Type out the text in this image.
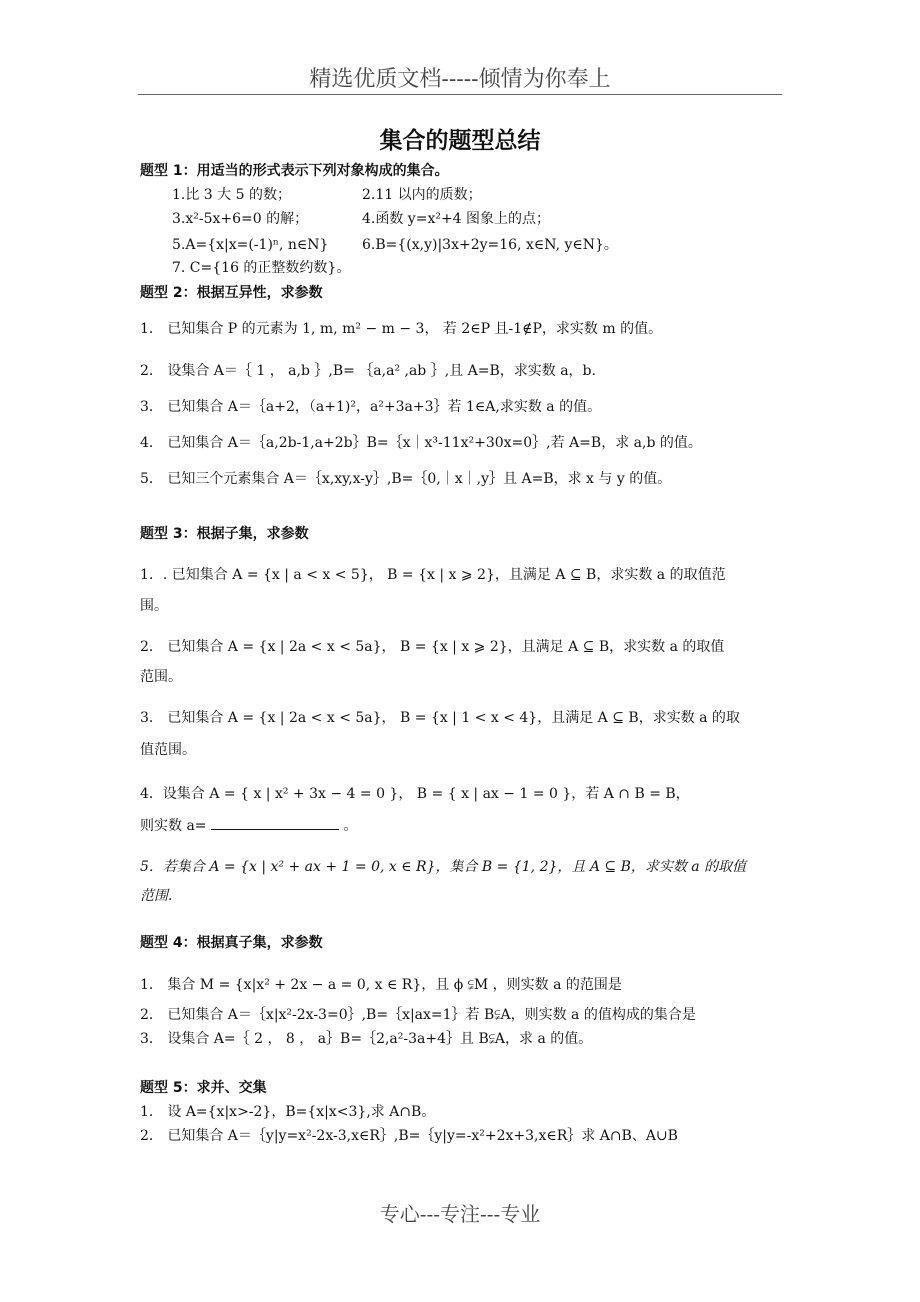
精选优质文档-----倾情为你奉上
集合的题型总结
题型 1：用适当的形式表示下列对象构成的集合。
1.比 3 大 5 的数；	2.11 以内的质数；
3.x²-5x+6=0 的解；	4.函数 y=x²+4 图象上的点；
5.A={x|x=(-1)ⁿ, n∈N} 6.B={(x,y)|3x+2y=16, x∈N, y∈N}。
7. C={16 的正整数约数}。
题型 2：根据互异性，求参数
1． 已知集合 P 的元素为 1, m, m² − m − 3， 若 2∈P 且-1∉P，求实数 m 的值。
2． 设集合 A＝｛ 1 ， a,b ｝,B= ｛a,a² ,ab ｝,且 A=B，求实数 a，b.
3． 已知集合 A＝｛a+2，（a+1)²，a²+3a+3｝若 1∈A,求实数 a 的值。
4． 已知集合 A＝｛a,2b-1,a+2b｝B=｛x｜x³-11x²+30x=0｝,若 A=B，求 a,b 的值。
5． 已知三个元素集合 A＝｛x,xy,x-y｝,B=｛0,｜x｜,y｝且 A=B，求 x 与 y 的值。
题型 3：根据子集，求参数
1．. 已知集合 A = {x | a < x < 5}， B = {x | x ⩾ 2}，且满足 A ⊆ B，求实数 a 的取值范
围。
2． 已知集合 A = {x | 2a < x < 5a}， B = {x | x ⩾ 2}，且满足 A ⊆ B，求实数 a 的取值
范围。
3． 已知集合 A = {x | 2a < x < 5a}， B = {x | 1 < x < 4}，且满足 A ⊆ B，求实数 a 的取
值范围。
4．设集合 A = { x | x² + 3x − 4 = 0 }， B = { x | ax − 1 = 0 }，若 A ∩ B = B，
则实数 a=	。
5．若集合 A = {x | x² + ax + 1 = 0, x ∈ R}，集合 B = {1, 2}，且 A ⊆ B，求实数 a 的取值
范围.
题型 4：根据真子集，求参数
1． 集合 M = {x|x² + 2x − a = 0, x ∈ R}，且 ϕ ⫋M ，则实数 a 的范围是
2． 已知集合 A＝｛x|x²-2x-3=0｝,B=｛x|ax=1｝若 B⫋A，则实数 a 的值构成的集合是
3． 设集合 A=｛ 2 ， 8 ， a｝B=｛2,a²-3a+4｝且 B⫋A，求 a 的值。
题型 5：求并、交集
1． 设 A={x|x>-2}，B={x|x<3},求 A∩B。
2． 已知集合 A＝｛y|y=x²-2x-3,x∈R｝,B=｛y|y=-x²+2x+3,x∈R｝求 A∩B、A∪B
专心---专注---专业
